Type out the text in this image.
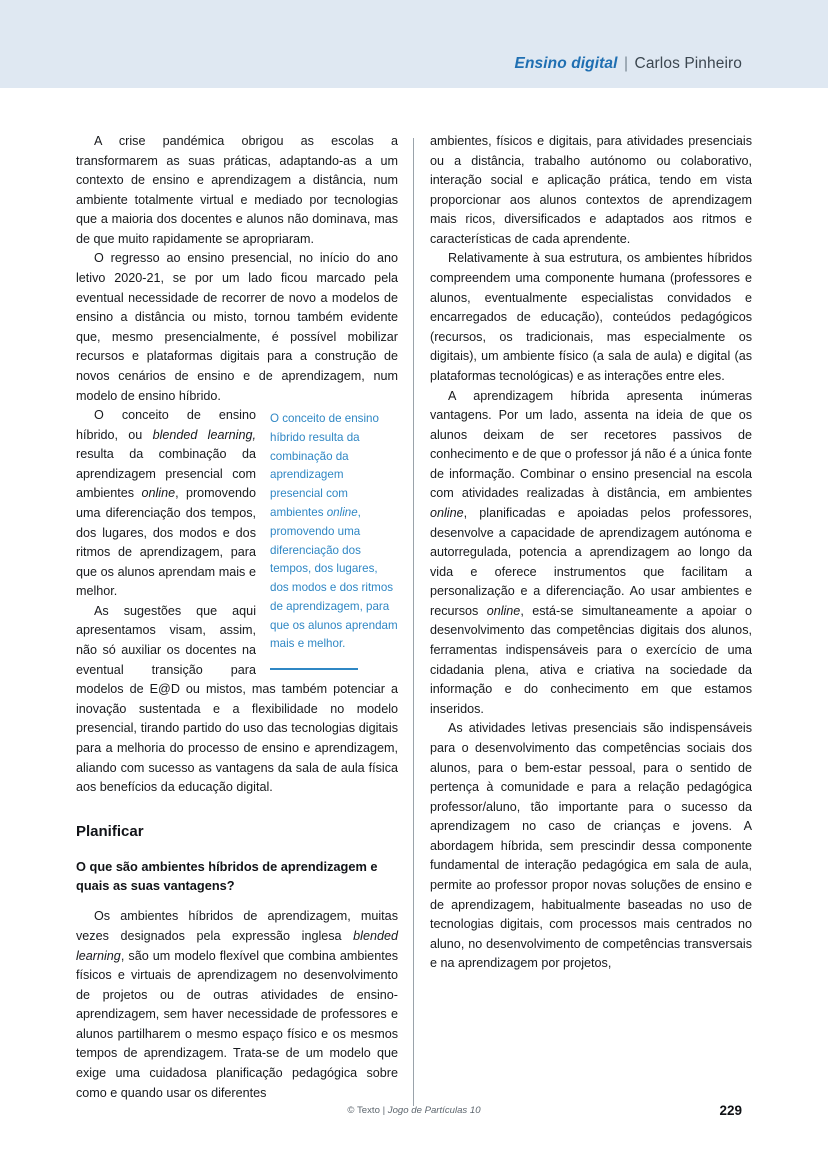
Ensino digital | Carlos Pinheiro

A crise pandémica obrigou as escolas a transformarem as suas práticas, adaptando-as a um contexto de ensino e aprendizagem a distância, num ambiente totalmente virtual e mediado por tecnologias que a maioria dos docentes e alunos não dominava, mas de que muito rapidamente se apropriaram.

O regresso ao ensino presencial, no início do ano letivo 2020-21, se por um lado ficou marcado pela eventual necessidade de recorrer de novo a modelos de ensino a distância ou misto, tornou também evidente que, mesmo presencialmente, é possível mobilizar recursos e plataformas digitais para a construção de novos cenários de ensino e de aprendizagem, num modelo de ensino híbrido.

O conceito de ensino híbrido resulta da combinação da aprendizagem presencial com ambientes online, promovendo uma diferenciação dos tempos, dos lugares, dos modos e dos ritmos de aprendizagem, para que os alunos aprendam mais e melhor.

O conceito de ensino híbrido, ou blended learning, resulta da combinação da aprendizagem presencial com ambientes online, promovendo uma diferenciação dos tempos, dos lugares, dos modos e dos ritmos de aprendizagem, para que os alunos aprendam mais e melhor.

As sugestões que aqui apresentamos visam, assim, não só auxiliar os docentes na eventual transição para modelos de E@D ou mistos, mas também potenciar a inovação sustentada e a flexibilidade no modelo presencial, tirando partido do uso das tecnologias digitais para a melhoria do processo de ensino e aprendizagem, aliando com sucesso as vantagens da sala de aula física aos benefícios da educação digital.

Planificar
O que são ambientes híbridos de aprendizagem e quais as suas vantagens?

Os ambientes híbridos de aprendizagem, muitas vezes designados pela expressão inglesa blended learning, são um modelo flexível que combina ambientes físicos e virtuais de aprendizagem no desenvolvimento de projetos ou de outras atividades de ensino-aprendizagem, sem haver necessidade de professores e alunos partilharem o mesmo espaço físico e os mesmos tempos de aprendizagem. Trata-se de um modelo que exige uma cuidadosa planificação pedagógica sobre como e quando usar os diferentes

ambientes, físicos e digitais, para atividades presenciais ou a distância, trabalho autónomo ou colaborativo, interação social e aplicação prática, tendo em vista proporcionar aos alunos contextos de aprendizagem mais ricos, diversificados e adaptados aos ritmos e características de cada aprendente.

Relativamente à sua estrutura, os ambientes híbridos compreendem uma componente humana (professores e alunos, eventualmente especialistas convidados e encarregados de educação), conteúdos pedagógicos (recursos, os tradicionais, mas especialmente os digitais), um ambiente físico (a sala de aula) e digital (as plataformas tecnológicas) e as interações entre eles.

A aprendizagem híbrida apresenta inúmeras vantagens. Por um lado, assenta na ideia de que os alunos deixam de ser recetores passivos de conhecimento e de que o professor já não é a única fonte de informação. Combinar o ensino presencial na escola com atividades realizadas à distância, em ambientes online, planificadas e apoiadas pelos professores, desenvolve a capacidade de aprendizagem autónoma e autorregulada, potencia a aprendizagem ao longo da vida e oferece instrumentos que facilitam a personalização e a diferenciação. Ao usar ambientes e recursos online, está-se simultaneamente a apoiar o desenvolvimento das competências digitais dos alunos, ferramentas indispensáveis para o exercício de uma cidadania plena, ativa e criativa na sociedade da informação e do conhecimento em que estamos inseridos.

As atividades letivas presenciais são indispensáveis para o desenvolvimento das competências sociais dos alunos, para o bem-estar pessoal, para o sentido de pertença à comunidade e para a relação pedagógica professor/aluno, tão importante para o sucesso da aprendizagem no caso de crianças e jovens. A abordagem híbrida, sem prescindir dessa componente fundamental de interação pedagógica em sala de aula, permite ao professor propor novas soluções de ensino e de aprendizagem, habitualmente baseadas no uso de tecnologias digitais, com processos mais centrados no aluno, no desenvolvimento de competências transversais e na aprendizagem por projetos,

© Texto | Jogo de Partículas 10	229
